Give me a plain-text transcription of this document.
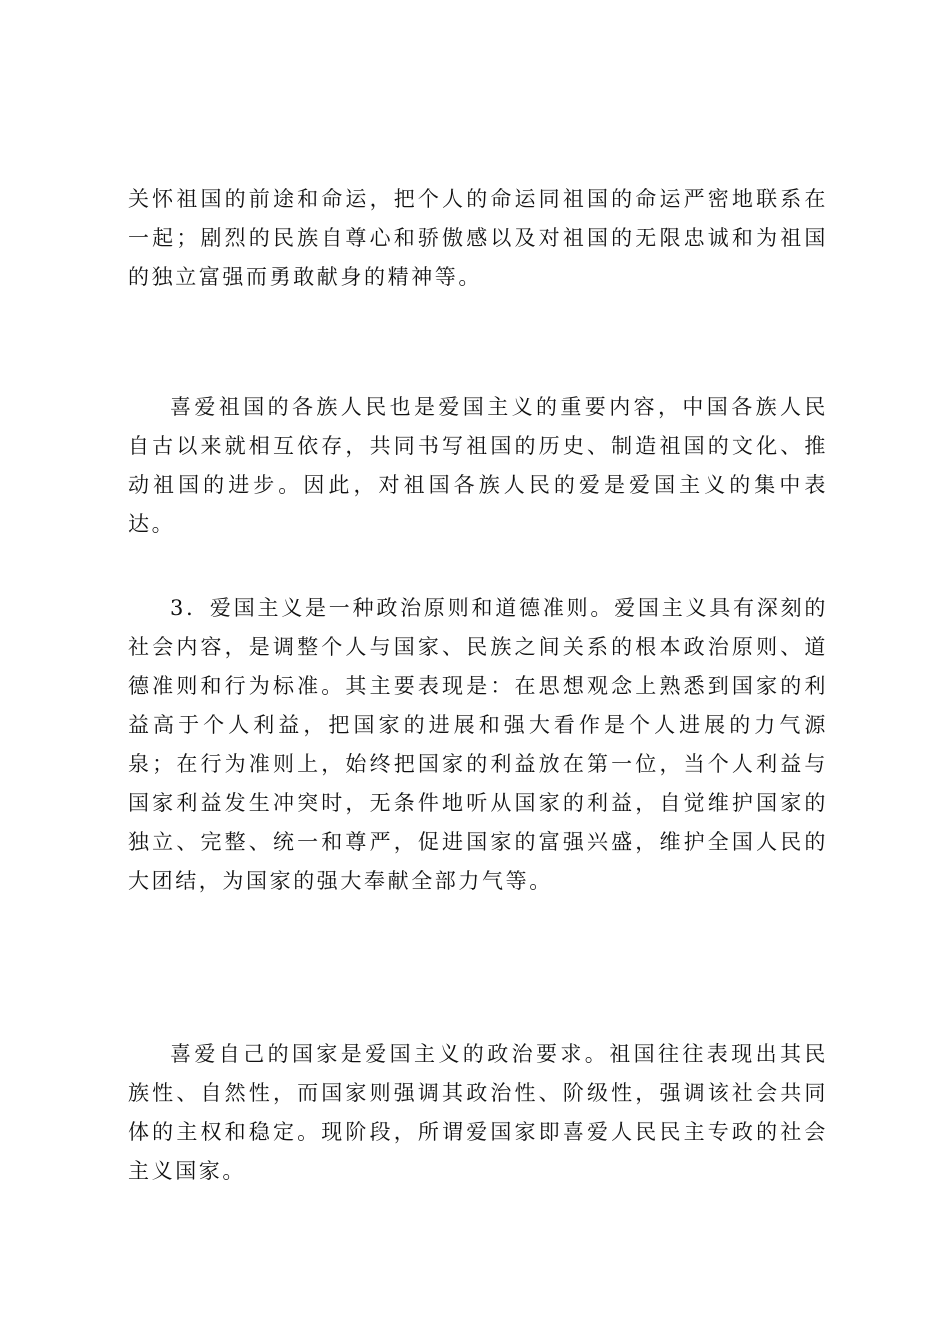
关怀祖国的前途和命运，把个人的命运同祖国的命运严密地联系在一起；剧烈的民族自尊心和骄傲感以及对祖国的无限忠诚和为祖国的独立富强而勇敢献身的精神等。

喜爱祖国的各族人民也是爱国主义的重要内容，中国各族人民自古以来就相互依存，共同书写祖国的历史、制造祖国的文化、推动祖国的进步。因此，对祖国各族人民的爱是爱国主义的集中表达。

3．爱国主义是一种政治原则和道德准则。爱国主义具有深刻的社会内容，是调整个人与国家、民族之间关系的根本政治原则、道德准则和行为标准。其主要表现是：在思想观念上熟悉到国家的利益高于个人利益，把国家的进展和强大看作是个人进展的力气源泉；在行为准则上，始终把国家的利益放在第一位，当个人利益与国家利益发生冲突时，无条件地听从国家的利益，自觉维护国家的独立、完整、统一和尊严，促进国家的富强兴盛，维护全国人民的大团结，为国家的强大奉献全部力气等。

喜爱自己的国家是爱国主义的政治要求。祖国往往表现出其民族性、自然性，而国家则强调其政治性、阶级性，强调该社会共同体的主权和稳定。现阶段，所谓爱国家即喜爱人民民主专政的社会主义国家。
